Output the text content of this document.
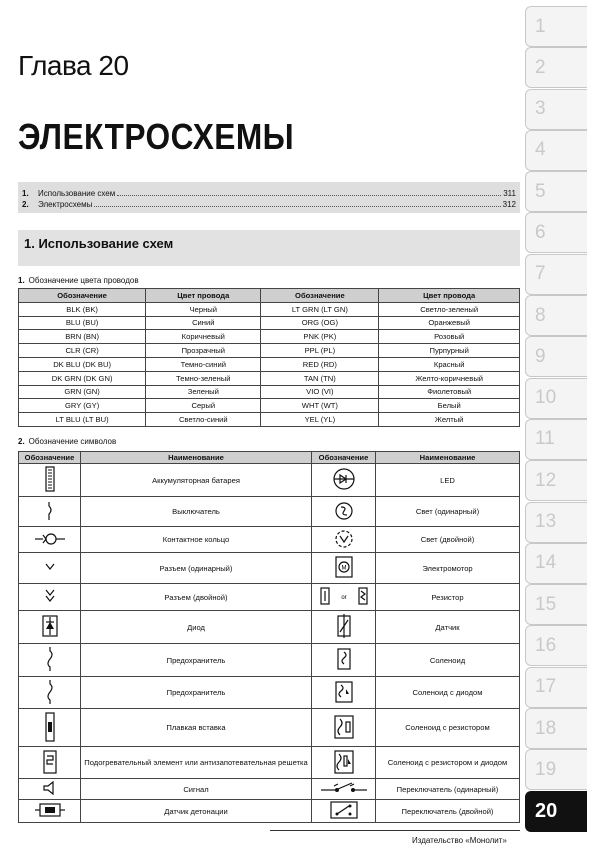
1
2
3
4
5
6
7
8
9
10
11
12
13
14
15
16
17
18
19
20
Глава 20
ЭЛЕКТРОСХЕМЫ
1.	Использование схем	311
2.	Электросхемы	312
1. Использование схем
1. Обозначение цвета проводов
Обозначение	Цвет провода	Обозначение	Цвет провода
BLK (BK)	Черный	LT GRN (LT GN)	Светло-зеленый
BLU (BU)	Синий	ORG (OG)	Оранжевый
BRN (BN)	Коричневый	PNK (PK)	Розовый
CLR (CR)	Прозрачный	PPL (PL)	Пурпурный
DK BLU (DK BU)	Темно-синий	RED (RD)	Красный
DK GRN (DK GN)	Темно-зеленый	TAN (TN)	Желто-коричневый
GRN (GN)	Зеленый	VIO (VI)	Фиолетовый
GRY (GY)	Серый	WHT (WT)	Белый
LT BLU (LT BU)	Светло-синий	YEL (YL)	Желтый
2. Обозначение символов
Обозначение	Наименование	Обозначение	Наименование
	Аккумуляторная батарея		LED
	Выключатель		Свет (одинарный)
	Контактное кольцо		Свет (двойной)
	Разъем (одинарный)	M	Электромотор
	Разъем (двойной)	or	Резистор
	Диод		Датчик
	Предохранитель		Соленоид
	Предохранитель		Соленоид с диодом
	Плавкая вставка		Соленоид с резистором
	Подогревательный элемент или антизапотевательная решетка		Соленоид с резистором и диодом
	Сигнал		Переключатель (одинарный)
	Датчик детонации		Переключатель (двойной)
Издательство «Монолит»
